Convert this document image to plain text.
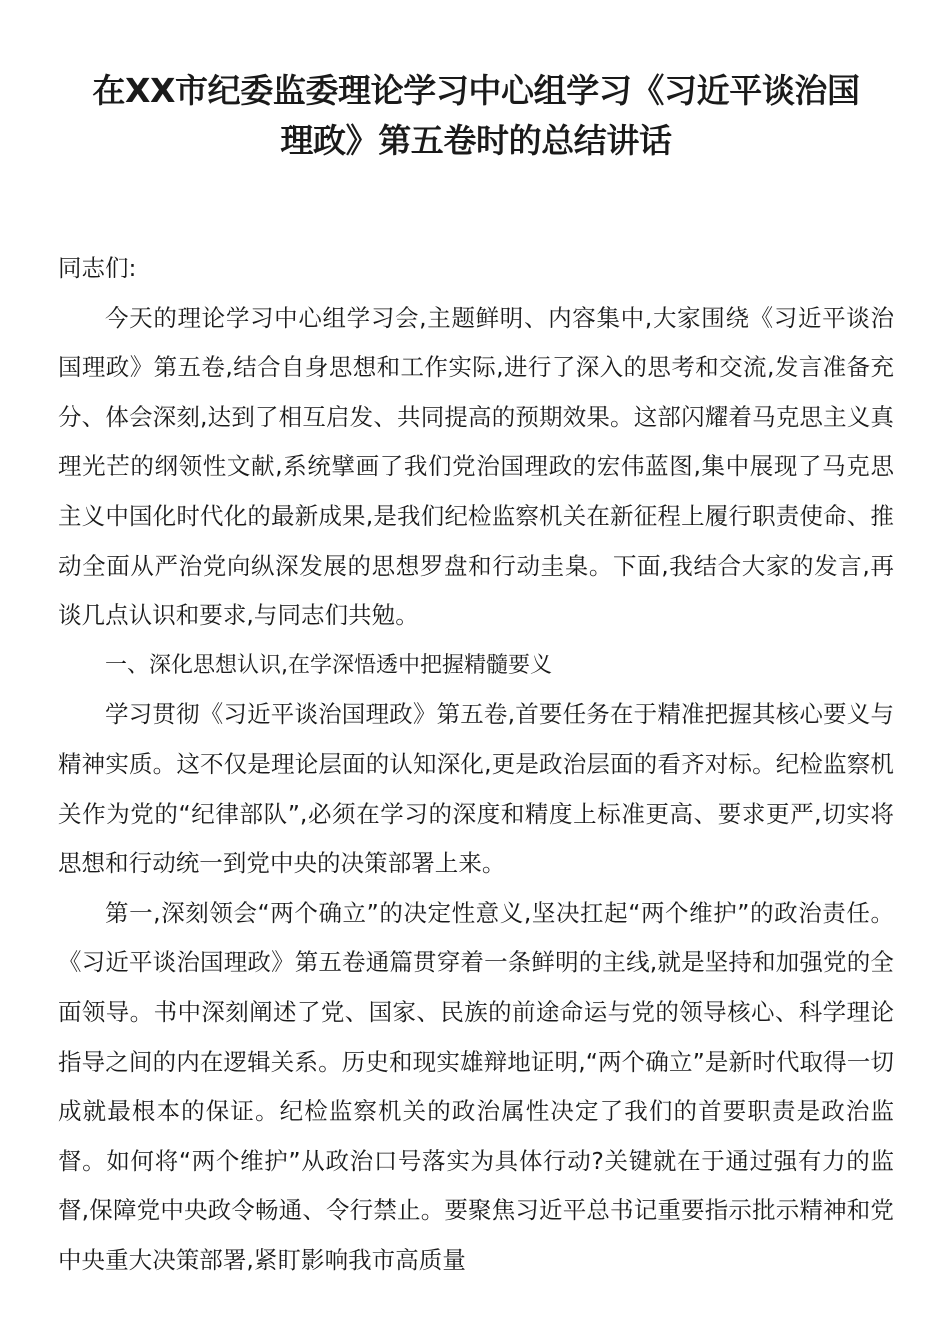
在XX市纪委监委理论学习中心组学习《习近平谈治国
理政》第五卷时的总结讲话

同志们:

今天的理论学习中心组学习会,主题鲜明、内容集中,大家围绕《习近平谈治国理政》第五卷,结合自身思想和工作实际,进行了深入的思考和交流,发言准备充分、体会深刻,达到了相互启发、共同提高的预期效果。这部闪耀着马克思主义真理光芒的纲领性文献,系统擘画了我们党治国理政的宏伟蓝图,集中展现了马克思主义中国化时代化的最新成果,是我们纪检监察机关在新征程上履行职责使命、推动全面从严治党向纵深发展的思想罗盘和行动圭臬。下面,我结合大家的发言,再谈几点认识和要求,与同志们共勉。

一、深化思想认识,在学深悟透中把握精髓要义

学习贯彻《习近平谈治国理政》第五卷,首要任务在于精准把握其核心要义与精神实质。这不仅是理论层面的认知深化,更是政治层面的看齐对标。纪检监察机关作为党的“纪律部队”,必须在学习的深度和精度上标准更高、要求更严,切实将思想和行动统一到党中央的决策部署上来。

第一,深刻领会“两个确立”的决定性意义,坚决扛起“两个维护”的政治责任。《习近平谈治国理政》第五卷通篇贯穿着一条鲜明的主线,就是坚持和加强党的全面领导。书中深刻阐述了党、国家、民族的前途命运与党的领导核心、科学理论指导之间的内在逻辑关系。历史和现实雄辩地证明,“两个确立”是新时代取得一切成就最根本的保证。纪检监察机关的政治属性决定了我们的首要职责是政治监督。如何将“两个维护”从政治口号落实为具体行动?关键就在于通过强有力的监督,保障党中央政令畅通、令行禁止。要聚焦习近平总书记重要指示批示精神和党中央重大决策部署,紧盯影响我市高质量
